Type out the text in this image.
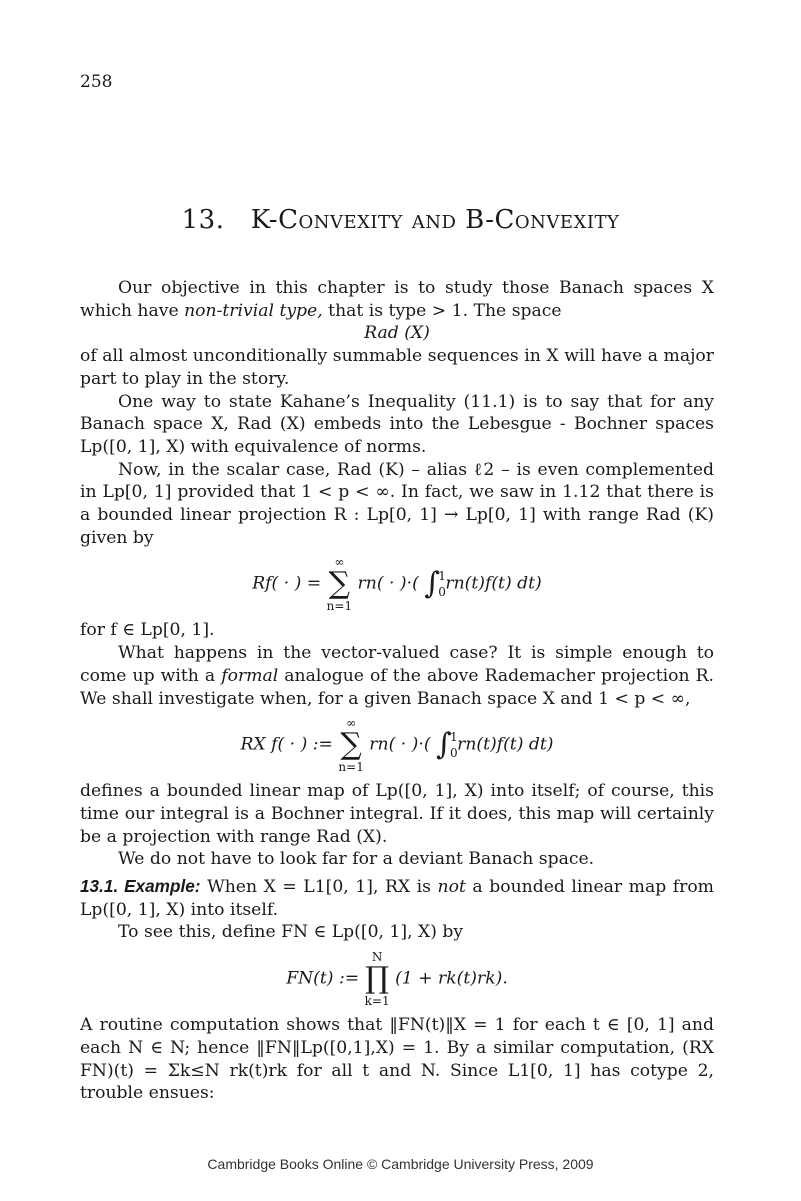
258
13. K-Convexity and B-Convexity

Our objective in this chapter is to study those Banach spaces X which have non-trivial type, that is type > 1. The space

Rad (X)

of all almost unconditionally summable sequences in X will have a major part to play in the story.

One way to state Kahane’s Inequality (11.1) is to say that for any Banach space X, Rad (X) embeds into the Lebesgue - Bochner spaces Lp([0, 1], X) with equivalence of norms.

Now, in the scalar case, Rad (K) – alias ℓ2 – is even complemented in Lp[0, 1] provided that 1 < p < ∞. In fact, we saw in 1.12 that there is a bounded linear projection R : Lp[0, 1] → Lp[0, 1] with range Rad (K) given by

Rf( · ) =
∞
∑
n=1
rn( · )·( ∫
1
0 rn(t)f(t) dt)

for f ∈ Lp[0, 1].

What happens in the vector-valued case? It is simple enough to come up with a formal analogue of the above Rademacher projection R. We shall investigate when, for a given Banach space X and 1 < p < ∞,

RX f( · ) :=
∞
∑
n=1
rn( · )·( ∫
1
0 rn(t)f(t) dt)

defines a bounded linear map of Lp([0, 1], X) into itself; of course, this time our integral is a Bochner integral. If it does, this map will certainly be a projection with range Rad (X).

We do not have to look far for a deviant Banach space.

13.1. Example: When X = L1[0, 1], RX is not a bounded linear map from Lp([0, 1], X) into itself.

To see this, define FN ∈ Lp([0, 1], X) by

FN(t) :=
N
∏
k=1
(1 + rk(t)rk).

A routine computation shows that ‖FN(t)‖X = 1 for each t ∈ [0, 1] and each N ∈ N; hence ‖FN‖Lp([0,1],X) = 1. By a similar computation, (RX FN)(t) = Σk≤N rk(t)rk for all t and N. Since L1[0, 1] has cotype 2, trouble ensues:

Cambridge Books Online © Cambridge University Press, 2009
